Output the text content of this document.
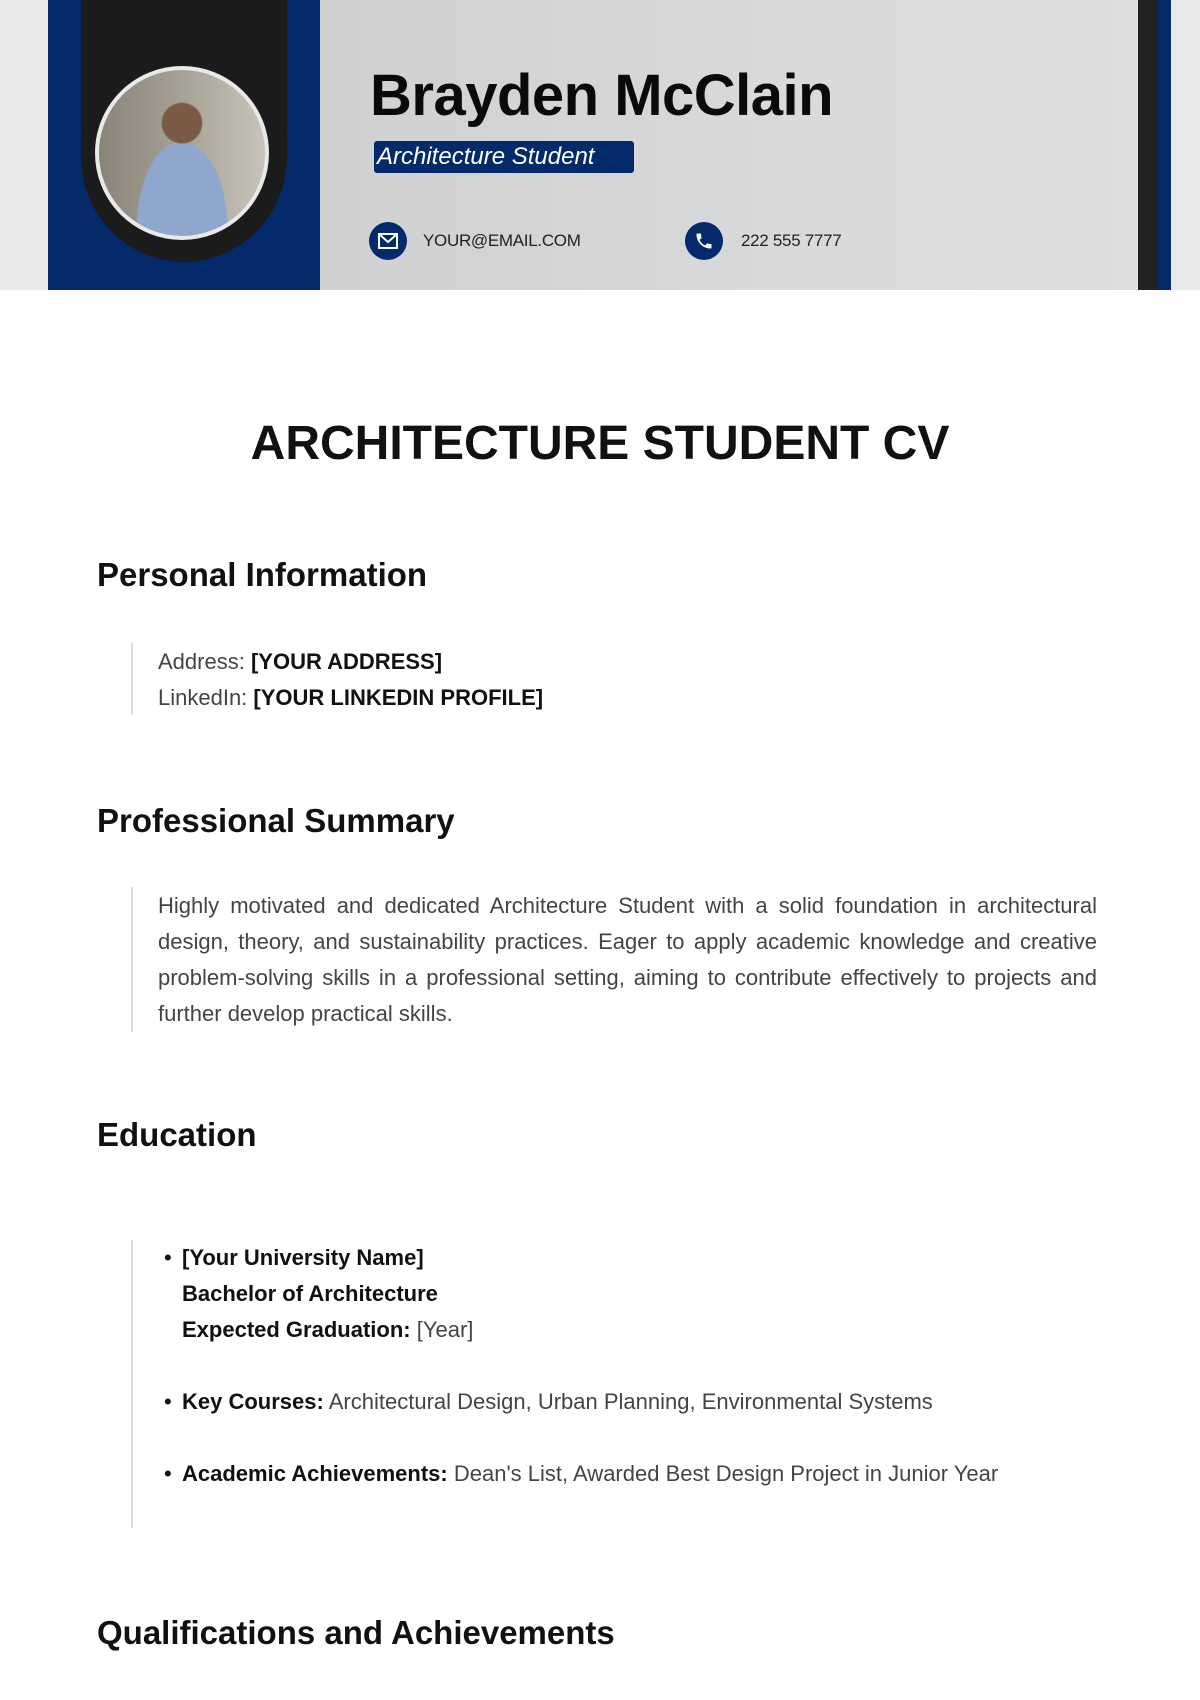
Brayden McClain
Architecture Student
YOUR@EMAIL.COM	222 555 7777
ARCHITECTURE STUDENT CV
Personal Information
Address: [YOUR ADDRESS]
LinkedIn: [YOUR LINKEDIN PROFILE]
Professional Summary
Highly motivated and dedicated Architecture Student with a solid foundation in architectural design, theory, and sustainability practices. Eager to apply academic knowledge and creative problem-solving skills in a professional setting, aiming to contribute effectively to projects and further develop practical skills.
Education
• [Your University Name]
Bachelor of Architecture
Expected Graduation: [Year]
• Key Courses: Architectural Design, Urban Planning, Environmental Systems
• Academic Achievements: Dean's List, Awarded Best Design Project in Junior Year
Qualifications and Achievements
